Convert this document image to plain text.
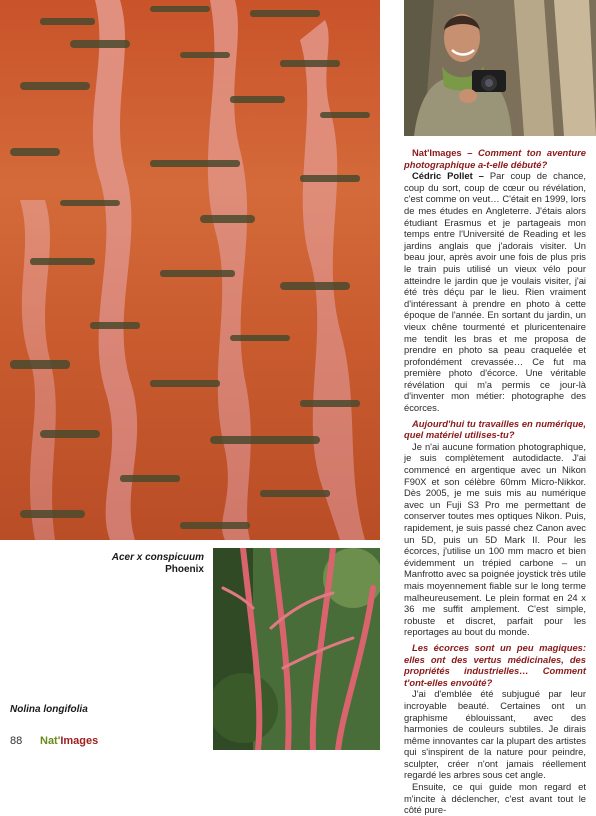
Acer x conspicuum
Phoenix
Nolina longifolia

Nat'Images – Comment ton aventure photographique a-t-elle débuté?

Cédric Pollet – Par coup de chance, coup du sort, coup de cœur ou révélation, c'est comme on veut… C'était en 1999, lors de mes études en Angleterre. J'étais alors étudiant Erasmus et je partageais mon temps entre l'Université de Reading et les jardins anglais que j'adorais visiter. Un beau jour, après avoir une fois de plus pris le train puis utilisé un vieux vélo pour atteindre le jardin que je voulais visiter, j'ai été très déçu par le lieu. Rien vraiment d'intéressant à prendre en photo à cette époque de l'année. En sortant du jardin, un vieux chêne tourmenté et pluricentenaire me tendit les bras et me proposa de prendre en photo sa peau craquelée et profondément crevassée… Ce fut ma première photo d'écorce. Une véritable révélation qui m'a permis ce jour-là d'inventer mon métier: photographe des écorces.

Aujourd'hui tu travailles en numérique, quel matériel utilises-tu?

Je n'ai aucune formation photographique, je suis complètement autodidacte. J'ai commencé en argentique avec un Nikon F90X et son célèbre 60mm Micro-Nikkor. Dès 2005, je me suis mis au numérique avec un Fuji S3 Pro me permettant de conserver toutes mes optiques Nikon. Puis, rapidement, je suis passé chez Canon avec un 5D, puis un 5D Mark II. Pour les écorces, j'utilise un 100 mm macro et bien évidemment un trépied carbone – un Manfrotto avec sa poignée joystick très utile mais moyennement fiable sur le long terme malheureusement. Le plein format en 24 x 36 me suffit amplement. C'est simple, robuste et discret, parfait pour les reportages au bout du monde.

Les écorces sont un peu magiques: elles ont des vertus médicinales, des propriétés industrielles… Comment t'ont-elles envoûté?

J'ai d'emblée été subjugué par leur incroyable beauté. Certaines ont un graphisme éblouissant, avec des harmonies de couleurs subtiles. Je dirais même innovantes car la plupart des artistes qui s'inspirent de la nature pour peindre, sculpter, créer n'ont jamais réellement regardé les arbres sous cet angle.

Ensuite, ce qui guide mon regard et m'incite à déclencher, c'est avant tout le côté pure-

88 Nat'Images
